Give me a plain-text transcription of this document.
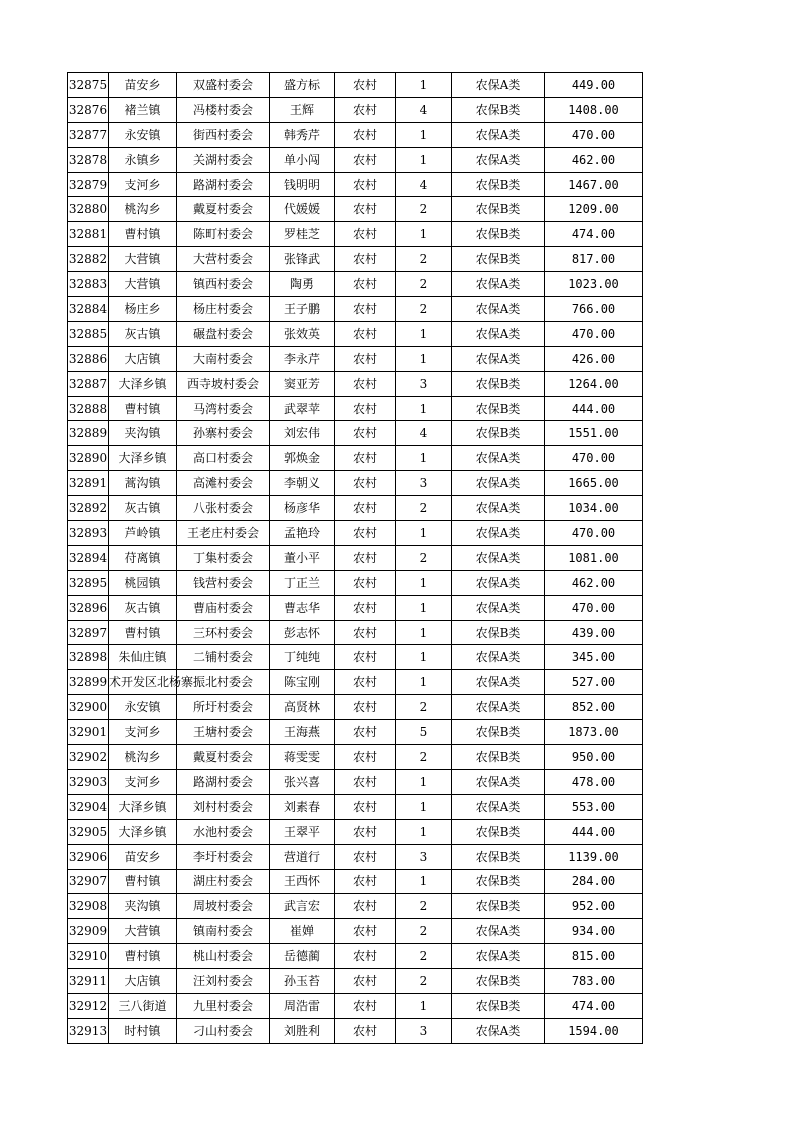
32875	苗安乡	双盛村委会	盛方标	农村	1	农保A类	449.00
32876	褚兰镇	冯楼村委会	王辉	农村	4	农保B类	1408.00
32877	永安镇	街西村委会	韩秀芹	农村	1	农保A类	470.00
32878	永镇乡	关湖村委会	单小闯	农村	1	农保A类	462.00
32879	支河乡	路湖村委会	钱明明	农村	4	农保B类	1467.00
32880	桃沟乡	戴夏村委会	代媛媛	农村	2	农保B类	1209.00
32881	曹村镇	陈町村委会	罗桂芝	农村	1	农保B类	474.00
32882	大营镇	大营村委会	张锋武	农村	2	农保B类	817.00
32883	大营镇	镇西村委会	陶勇	农村	2	农保A类	1023.00
32884	杨庄乡	杨庄村委会	王子鹏	农村	2	农保A类	766.00
32885	灰古镇	碾盘村委会	张效英	农村	1	农保A类	470.00
32886	大店镇	大南村委会	李永芹	农村	1	农保A类	426.00
32887	大泽乡镇	西寺坡村委会	窦亚芳	农村	3	农保B类	1264.00
32888	曹村镇	马湾村委会	武翠苹	农村	1	农保B类	444.00
32889	夹沟镇	孙寨村委会	刘宏伟	农村	4	农保B类	1551.00
32890	大泽乡镇	高口村委会	郭焕金	农村	1	农保A类	470.00
32891	蒿沟镇	高滩村委会	李朝义	农村	3	农保A类	1665.00
32892	灰古镇	八张村委会	杨彦华	农村	2	农保A类	1034.00
32893	芦岭镇	王老庄村委会	孟艳玲	农村	1	农保A类	470.00
32894	苻离镇	丁集村委会	董小平	农村	2	农保A类	1081.00
32895	桃园镇	钱营村委会	丁正兰	农村	1	农保A类	462.00
32896	灰古镇	曹庙村委会	曹志华	农村	1	农保A类	470.00
32897	曹村镇	三环村委会	彭志怀	农村	1	农保B类	439.00
32898	朱仙庄镇	二铺村委会	丁纯纯	农村	1	农保A类	345.00
32899	术开发区北杨寨	振北村委会	陈宝刚	农村	1	农保A类	527.00
32900	永安镇	所圩村委会	高贤林	农村	2	农保A类	852.00
32901	支河乡	王塘村委会	王海燕	农村	5	农保B类	1873.00
32902	桃沟乡	戴夏村委会	蒋雯雯	农村	2	农保B类	950.00
32903	支河乡	路湖村委会	张兴喜	农村	1	农保A类	478.00
32904	大泽乡镇	刘村村委会	刘素春	农村	1	农保A类	553.00
32905	大泽乡镇	水池村委会	王翠平	农村	1	农保B类	444.00
32906	苗安乡	李圩村委会	营道行	农村	3	农保B类	1139.00
32907	曹村镇	湖庄村委会	王西怀	农村	1	农保B类	284.00
32908	夹沟镇	周坡村委会	武言宏	农村	2	农保B类	952.00
32909	大营镇	镇南村委会	崔婵	农村	2	农保A类	934.00
32910	曹村镇	桃山村委会	岳德蔺	农村	2	农保A类	815.00
32911	大店镇	汪刘村委会	孙玉苔	农村	2	农保B类	783.00
32912	三八街道	九里村委会	周浩雷	农村	1	农保B类	474.00
32913	时村镇	刁山村委会	刘胜利	农村	3	农保A类	1594.00
